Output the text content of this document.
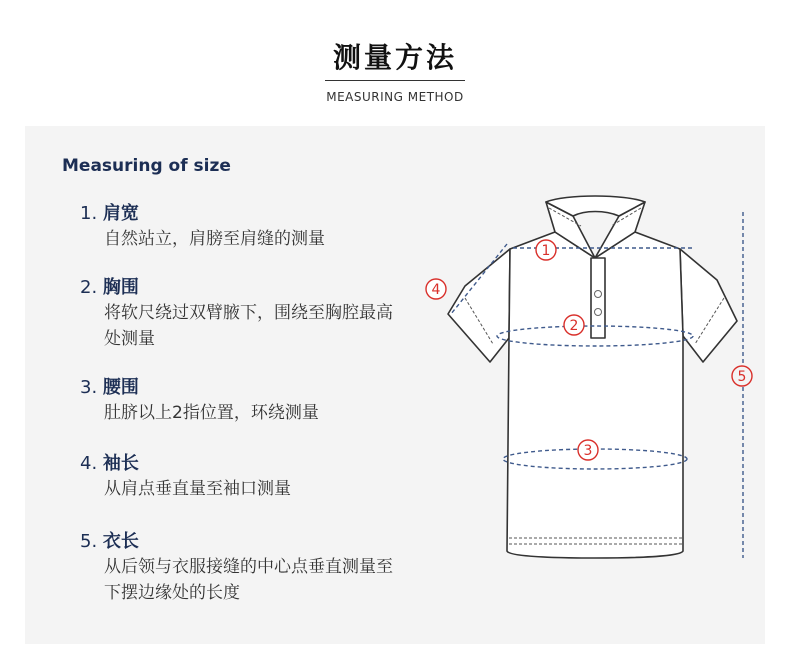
测量方法
MEASURING METHOD
Measuring of size
1. 肩宽
自然站立，肩膀至肩缝的测量
2. 胸围
将软尺绕过双臂腋下，围绕至胸腔最高处测量
3. 腰围
肚脐以上2指位置，环绕测量
4. 袖长
从肩点垂直量至袖口测量
5. 衣长
从后领与衣服接缝的中心点垂直测量至下摆边缘处的长度
1
2
3
4
5
